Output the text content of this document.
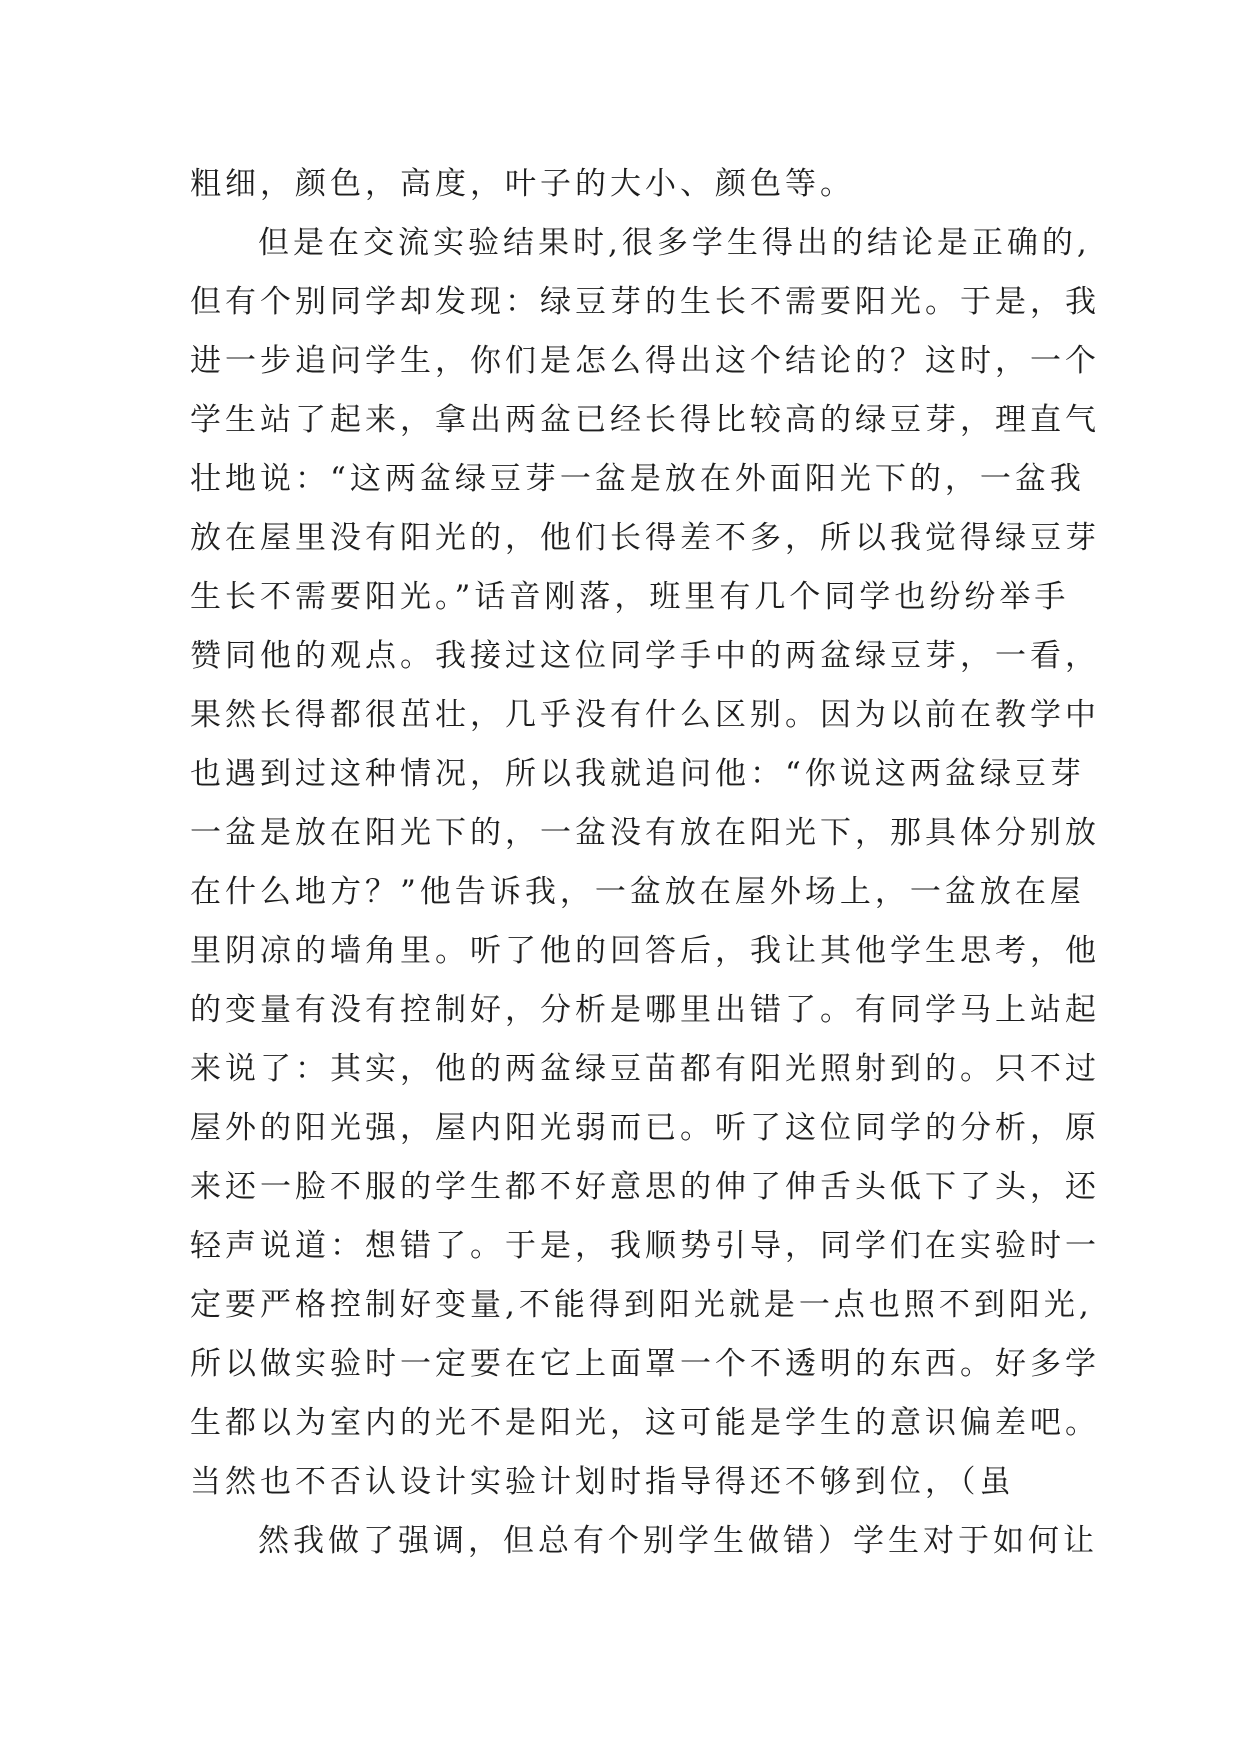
粗细，颜色，高度，叶子的大小、颜色等。
但是在交流实验结果时,很多学生得出的结论是正确的,
但有个别同学却发现：绿豆芽的生长不需要阳光。于是，我
进一步追问学生，你们是怎么得出这个结论的？这时，一个
学生站了起来，拿出两盆已经长得比较高的绿豆芽，理直气
壮地说：“这两盆绿豆芽一盆是放在外面阳光下的，一盆我
放在屋里没有阳光的，他们长得差不多，所以我觉得绿豆芽
生长不需要阳光。”话音刚落，班里有几个同学也纷纷举手
赞同他的观点。我接过这位同学手中的两盆绿豆芽，一看，
果然长得都很茁壮，几乎没有什么区别。因为以前在教学中
也遇到过这种情况，所以我就追问他：“你说这两盆绿豆芽
一盆是放在阳光下的，一盆没有放在阳光下，那具体分别放
在什么地方？”他告诉我，一盆放在屋外场上，一盆放在屋
里阴凉的墙角里。听了他的回答后，我让其他学生思考，他
的变量有没有控制好，分析是哪里出错了。有同学马上站起
来说了：其实，他的两盆绿豆苗都有阳光照射到的。只不过
屋外的阳光强，屋内阳光弱而已。听了这位同学的分析，原
来还一脸不服的学生都不好意思的伸了伸舌头低下了头，还
轻声说道：想错了。于是，我顺势引导，同学们在实验时一
定要严格控制好变量,不能得到阳光就是一点也照不到阳光,
所以做实验时一定要在它上面罩一个不透明的东西。好多学
生都以为室内的光不是阳光，这可能是学生的意识偏差吧。
当然也不否认设计实验计划时指导得还不够到位，（虽
然我做了强调，但总有个别学生做错）学生对于如何让
